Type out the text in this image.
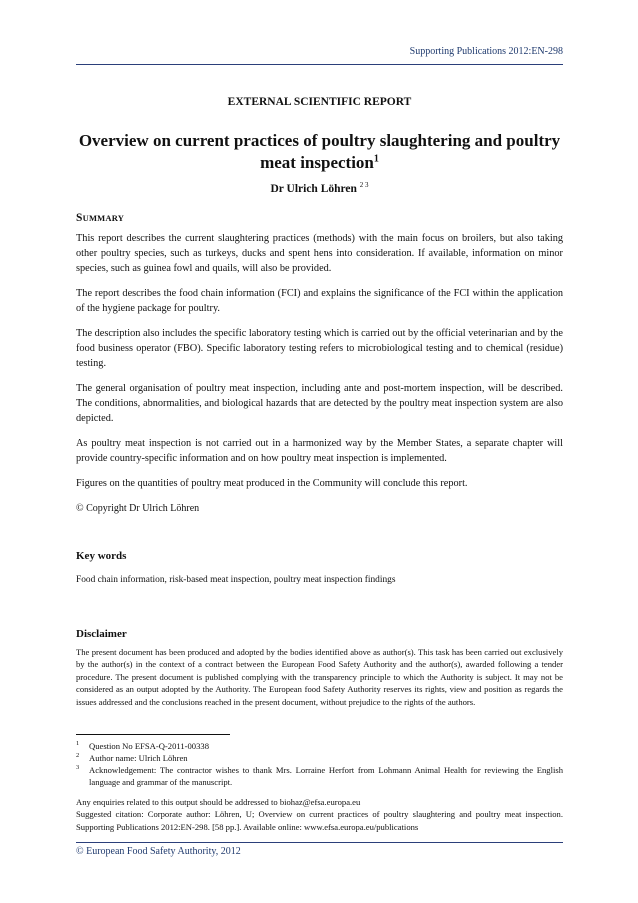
Supporting Publications 2012:EN-298
EXTERNAL SCIENTIFIC REPORT
Overview on current practices of poultry slaughtering and poultry meat inspection$^1$
Dr Ulrich Löhren $^{2 3}$
SUMMARY

This report describes the current slaughtering practices (methods) with the main focus on broilers, but also taking other poultry species, such as turkeys, ducks and spent hens into consideration. If available, information on minor species, such as guinea fowl and quails, will also be provided.

The report describes the food chain information (FCI) and explains the significance of the FCI within the application of the hygiene package for poultry.

The description also includes the specific laboratory testing which is carried out by the official veterinarian and by the food business operator (FBO). Specific laboratory testing refers to microbiological testing and to chemical (residue) testing.

The general organisation of poultry meat inspection, including ante and post-mortem inspection, will be described. The conditions, abnormalities, and biological hazards that are detected by the poultry meat inspection system are also depicted.

As poultry meat inspection is not carried out in a harmonized way by the Member States, a separate chapter will provide country-specific information and on how poultry meat inspection is implemented.

Figures on the quantities of poultry meat produced in the Community will conclude this report.

© Copyright Dr Ulrich Löhren

Key words
Food chain information, risk-based meat inspection, poultry meat inspection findings
Disclaimer
The present document has been produced and adopted by the bodies identified above as author(s). This task has been carried out exclusively by the author(s) in the context of a contract between the European Food Safety Authority and the author(s), awarded following a tender procedure. The present document is published complying with the transparency principle to which the Authority is subject. It may not be considered as an output adopted by the Authority. The European food Safety Authority reserves its rights, view and position as regards the issues addressed and the conclusions reached in the present document, without prejudice to the rights of the authors.
1 Question No EFSA-Q-2011-00338
2 Author name: Ulrich Löhren
3 Acknowledgement: The contractor wishes to thank Mrs. Lorraine Herfort from Lohmann Animal Health for reviewing the English language and grammar of the manuscript.

Any enquiries related to this output should be addressed to biohaz@efsa.europa.eu

Suggested citation: Corporate author: Löhren, U; Overview on current practices of poultry slaughtering and poultry meat inspection. Supporting Publications 2012:EN-298. [58 pp.]. Available online: www.efsa.europa.eu/publications

© European Food Safety Authority, 2012
